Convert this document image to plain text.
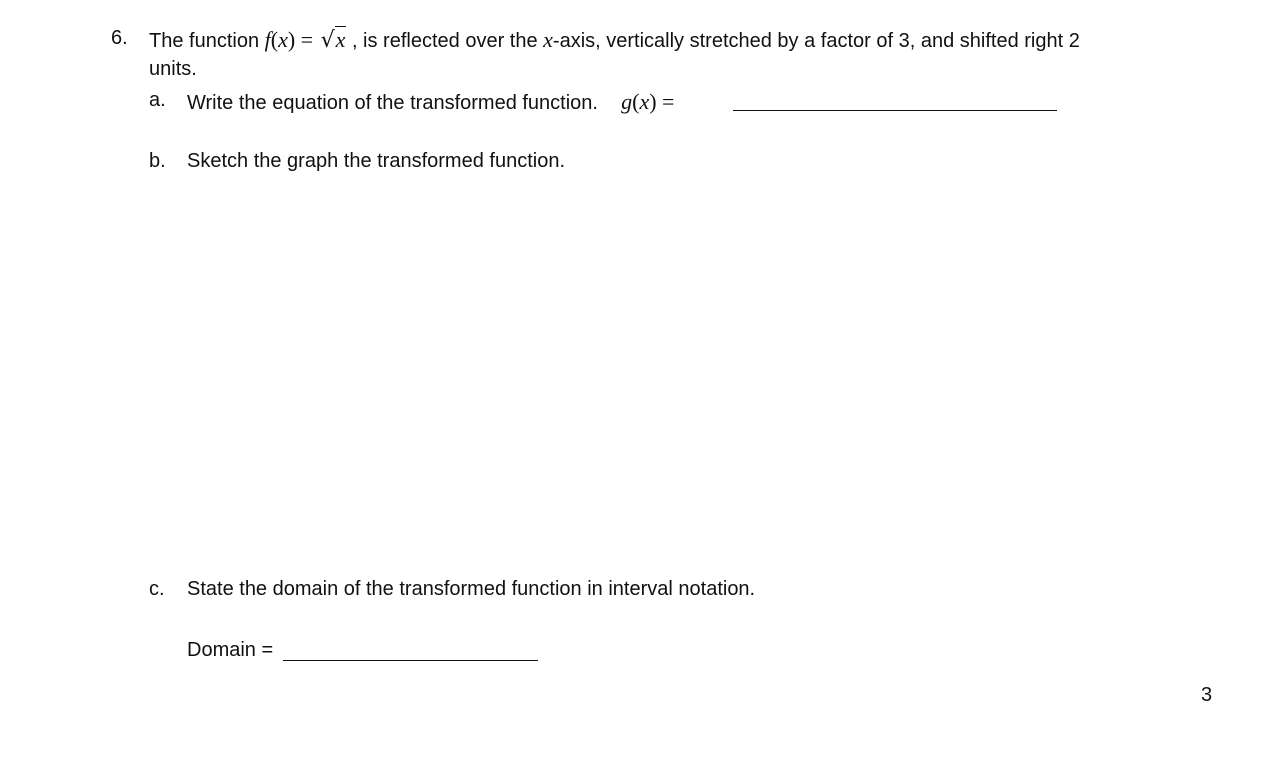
6. The function f(x) = √x , is reflected over the x-axis, vertically stretched by a factor of 3, and shifted right 2
units.
a. Write the equation of the transformed function. g(x) =
b. Sketch the graph the transformed function.
c. State the domain of the transformed function in interval notation.
Domain =
3
